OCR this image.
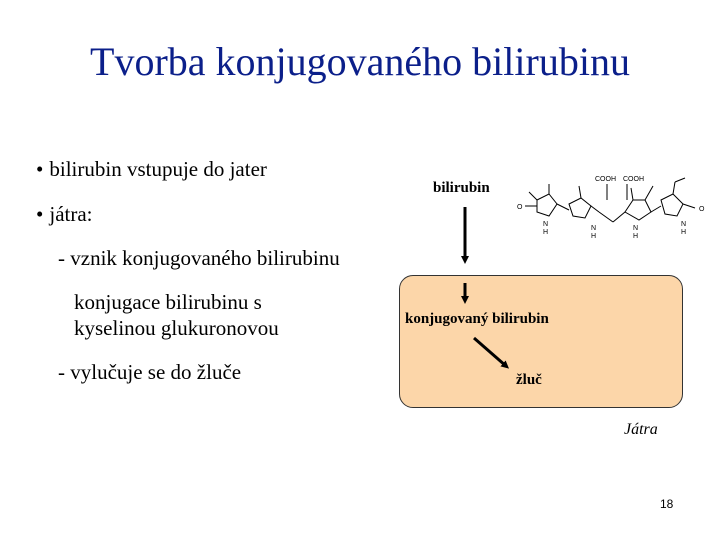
Tvorba konjugovaného bilirubinu
• bilirubin vstupuje do jater
• játra:
- vznik konjugovaného bilirubinu
konjugace bilirubinu s
kyselinou glukuronovou
- vylučuje se do žluče
bilirubin
konjugovaný bilirubin
žluč
Játra
COOH COOH
O	O
N
H
N
H
N
H
N
H
18
